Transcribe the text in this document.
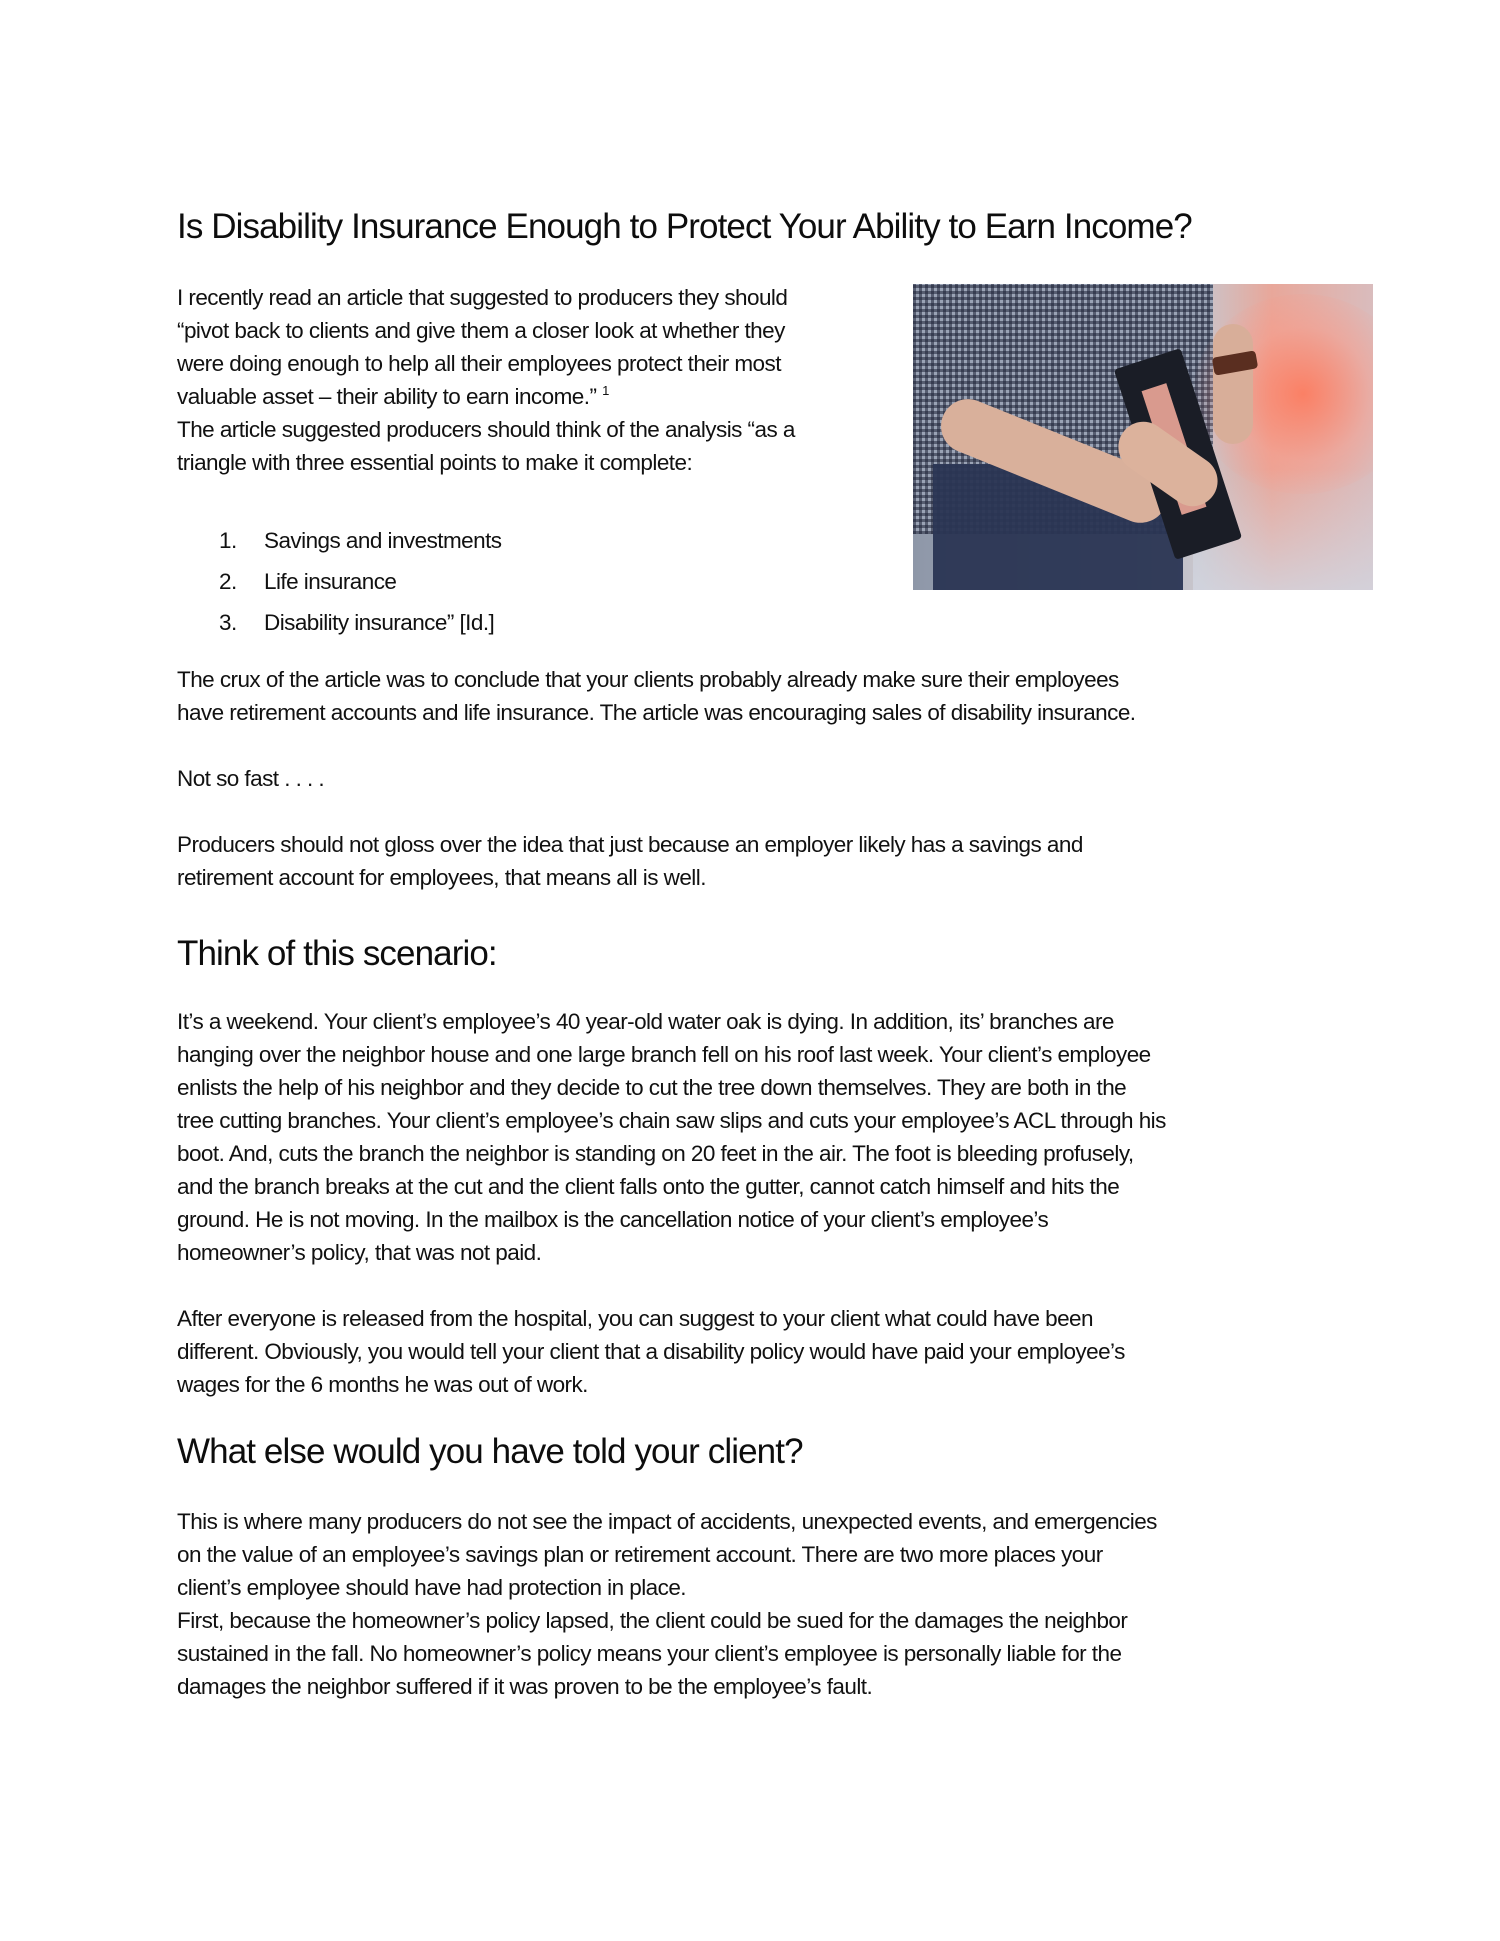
Is Disability Insurance Enough to Protect Your Ability to Earn Income?
I recently read an article that suggested to producers they should
“pivot back to clients and give them a closer look at whether they
were doing enough to help all their employees protect their most
valuable asset – their ability to earn income.” $^1$
The article suggested producers should think of the analysis “as a
triangle with three essential points to make it complete:
1.	Savings and investments
2.	Life insurance
3.	Disability insurance” [Id.]
The crux of the article was to conclude that your clients probably already make sure their employees
have retirement accounts and life insurance. The article was encouraging sales of disability insurance.
Not so fast . . . .
Producers should not gloss over the idea that just because an employer likely has a savings and
retirement account for employees, that means all is well.
Think of this scenario:
It’s a weekend. Your client’s employee’s 40 year-old water oak is dying. In addition, its’ branches are
hanging over the neighbor house and one large branch fell on his roof last week. Your client’s employee
enlists the help of his neighbor and they decide to cut the tree down themselves. They are both in the
tree cutting branches. Your client’s employee’s chain saw slips and cuts your employee’s ACL through his
boot. And, cuts the branch the neighbor is standing on 20 feet in the air. The foot is bleeding profusely,
and the branch breaks at the cut and the client falls onto the gutter, cannot catch himself and hits the
ground. He is not moving. In the mailbox is the cancellation notice of your client’s employee’s
homeowner’s policy, that was not paid.
After everyone is released from the hospital, you can suggest to your client what could have been
different. Obviously, you would tell your client that a disability policy would have paid your employee’s
wages for the 6 months he was out of work.
What else would you have told your client?
This is where many producers do not see the impact of accidents, unexpected events, and emergencies
on the value of an employee’s savings plan or retirement account. There are two more places your
client’s employee should have had protection in place.
First, because the homeowner’s policy lapsed, the client could be sued for the damages the neighbor
sustained in the fall. No homeowner’s policy means your client’s employee is personally liable for the
damages the neighbor suffered if it was proven to be the employee’s fault.
